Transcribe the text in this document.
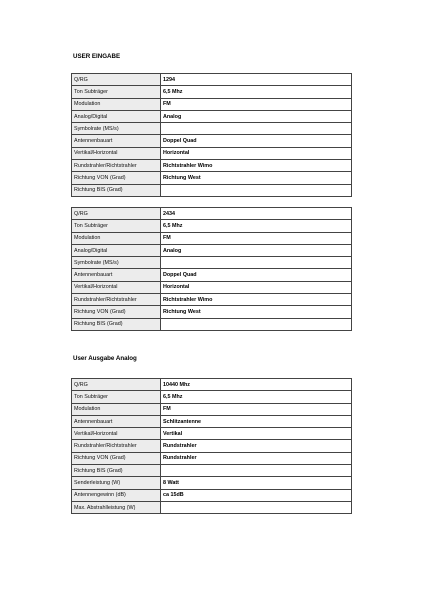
USER EINGABE
Q/RG	1294
Ton Subträger	6,5 Mhz
Modulation	FM
Analog/Digital	Analog
Symbolrate (MS/s)	
Antennenbauart	Doppel Quad
Vertikal/Horizontal	Horizontal
Rundstrahler/Richtstrahler	Richtstrahler Wimo
Richtung VON (Grad)	Richtung West
Richtung BIS (Grad)	
Q/RG	2434
Ton Subträger	6,5 Mhz
Modulation	FM
Analog/Digital	Analog
Symbolrate (MS/s)	
Antennenbauart	Doppel Quad
Vertikal/Horizontal	Horizontal
Rundstrahler/Richtstrahler	Richtstrahler Wimo
Richtung VON (Grad)	Richtung West
Richtung BIS (Grad)	
User Ausgabe Analog
Q/RG	10440 Mhz
Ton Subträger	6,5 Mhz
Modulation	FM
Antennenbauart	Schlitzantenne
Vertikal/Horizontal	Vertikal
Rundstrahler/Richtstrahler	Rundstrahler
Richtung VON (Grad)	Rundstrahler
Richtung BIS (Grad)	
Senderleistung (W)	8 Watt
Antennengewinn (dB)	ca 15dB
Max. Abstrahlleistung (W)	
